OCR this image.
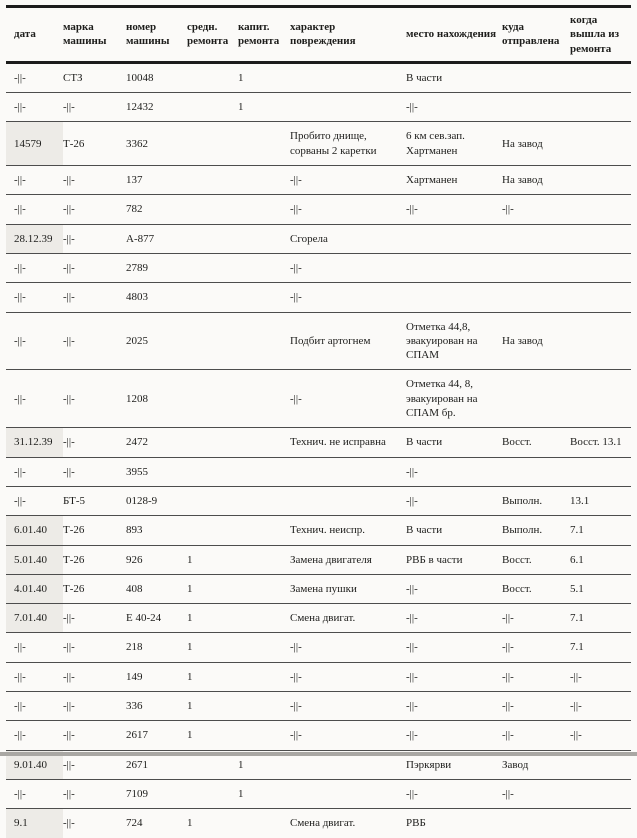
дата	марка машины	номер машины	средн. ремонта	капит. ремонта	характер повреждения	место нахождения	куда отправлена	когда вышла из ремонта
-||-	СТЗ	10048		1		В части		
-||-	-||-	12432		1		-||-		
14579	Т-26	3362			Пробито днище, сорваны 2 каретки	6 км сев.зап. Хартманен	На завод	
-||-	-||-	137			-||-	Хартманен	На завод	
-||-	-||-	782			-||-	-||-	-||-	
28.12.39	-||-	А-877			Сгорела			
-||-	-||-	2789			-||-			
-||-	-||-	4803			-||-			
-||-	-||-	2025			Подбит артогнем	Отметка 44,8, эвакуирован на СПАМ	На завод	
-||-	-||-	1208			-||-	Отметка 44, 8, эвакуирован на СПАМ бр.		
31.12.39	-||-	2472			Технич. не исправна	В части	Восст.	Восст. 13.1
-||-	-||-	3955				-||-		
-||-	БТ-5	0128-9				-||-	Выполн.	13.1
6.01.40	Т-26	893			Технич. неиспр.	В части	Выполн.	7.1
5.01.40	Т-26	926	1		Замена двигателя	РВБ в части	Восст.	6.1
4.01.40	Т-26	408	1		Замена пушки	-||-	Восст.	5.1
7.01.40	-||-	Е 40-24	1		Смена двигат.	-||-	-||-	7.1
-||-	-||-	218	1		-||-	-||-	-||-	7.1
-||-	-||-	149	1		-||-	-||-	-||-	-||-
-||-	-||-	336	1		-||-	-||-	-||-	-||-
-||-	-||-	2617	1		-||-	-||-	-||-	-||-
9.01.40	-||-	2671		1		Пэркярви	Завод	
-||-	-||-	7109		1		-||-	-||-	
9.1	-||-	724	1		Смена двигат.	РВБ		
